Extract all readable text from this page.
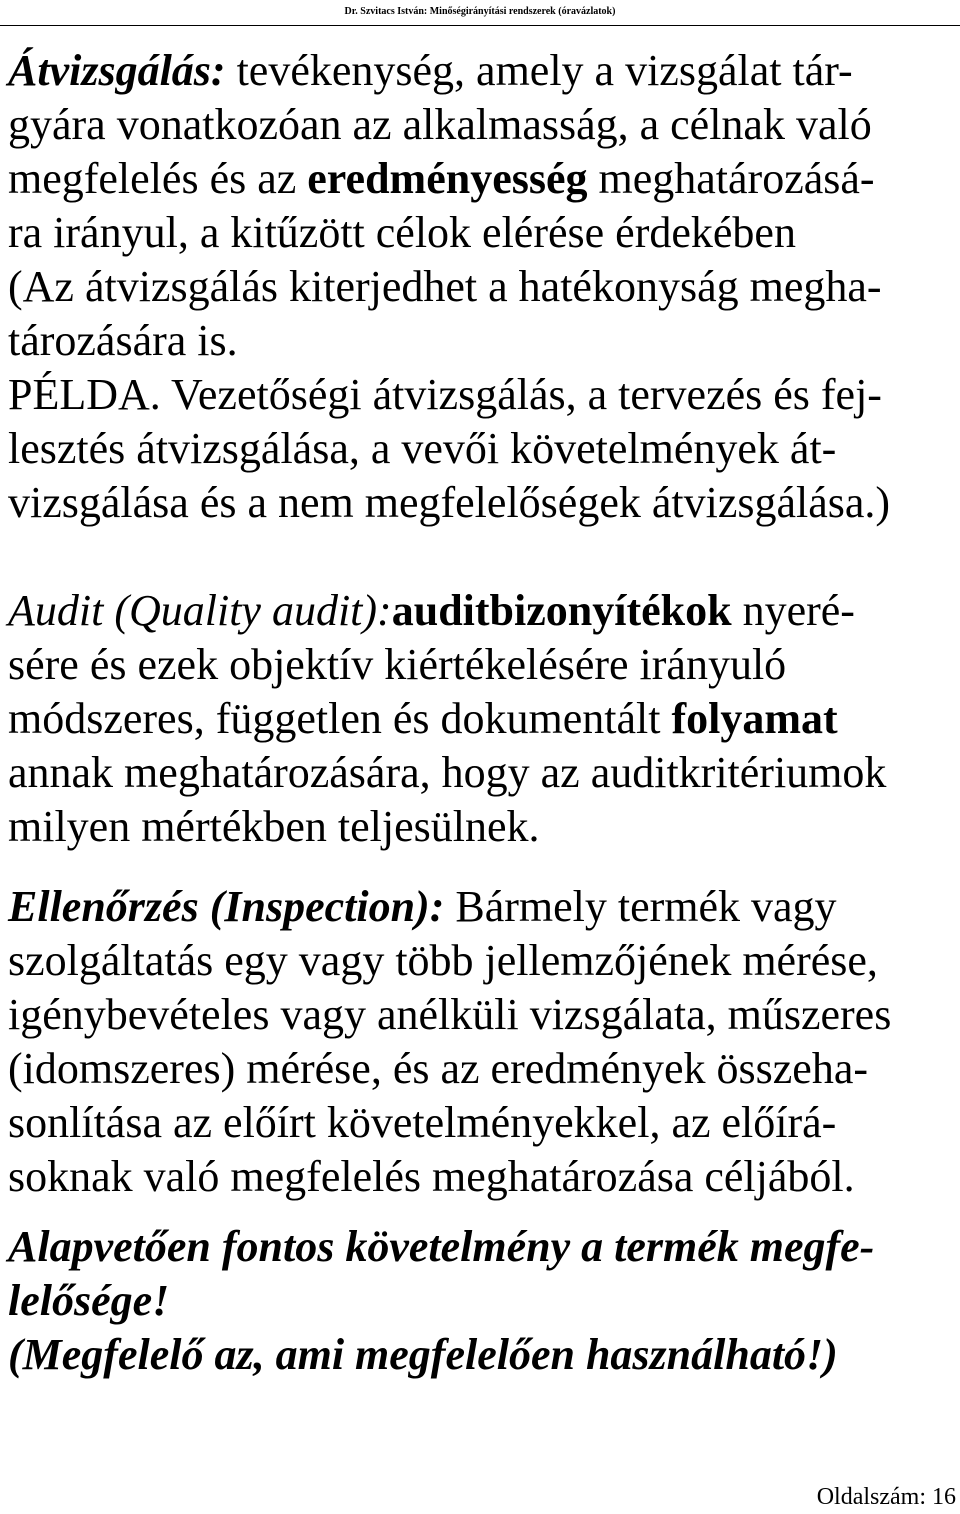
Dr. Szvitacs István: Minőségirányítási rendszerek (óravázlatok)
Átvizsgálás: tevékenység, amely a vizsgálat tár-
gyára vonatkozóan az alkalmasság, a célnak való
megfelelés és az eredményesség meghatározásá-
ra irányul, a kitűzött célok elérése érdekében
(Az átvizsgálás kiterjedhet a hatékonyság megha-
tározására is.
PÉLDA. Vezetőségi átvizsgálás, a tervezés és fej-
lesztés átvizsgálása, a vevői követelmények át-
vizsgálása és a nem megfelelőségek átvizsgálása.)
Audit (Quality audit):auditbizonyítékok nyeré-
sére és ezek objektív kiértékelésére irányuló
módszeres, független és dokumentált folyamat
annak meghatározására, hogy az auditkritériumok
milyen mértékben teljesülnek.
Ellenőrzés (Inspection): Bármely termék vagy
szolgáltatás egy vagy több jellemzőjének mérése,
igénybevételes vagy anélküli vizsgálata, műszeres
(idomszeres) mérése, és az eredmények összeha-
sonlítása az előírt követelményekkel, az előírá-
soknak való megfelelés meghatározása céljából.
Alapvetően fontos követelmény a termék megfe-
lelősége!
(Megfelelő az, ami megfelelően használható!)
Oldalszám: 16
